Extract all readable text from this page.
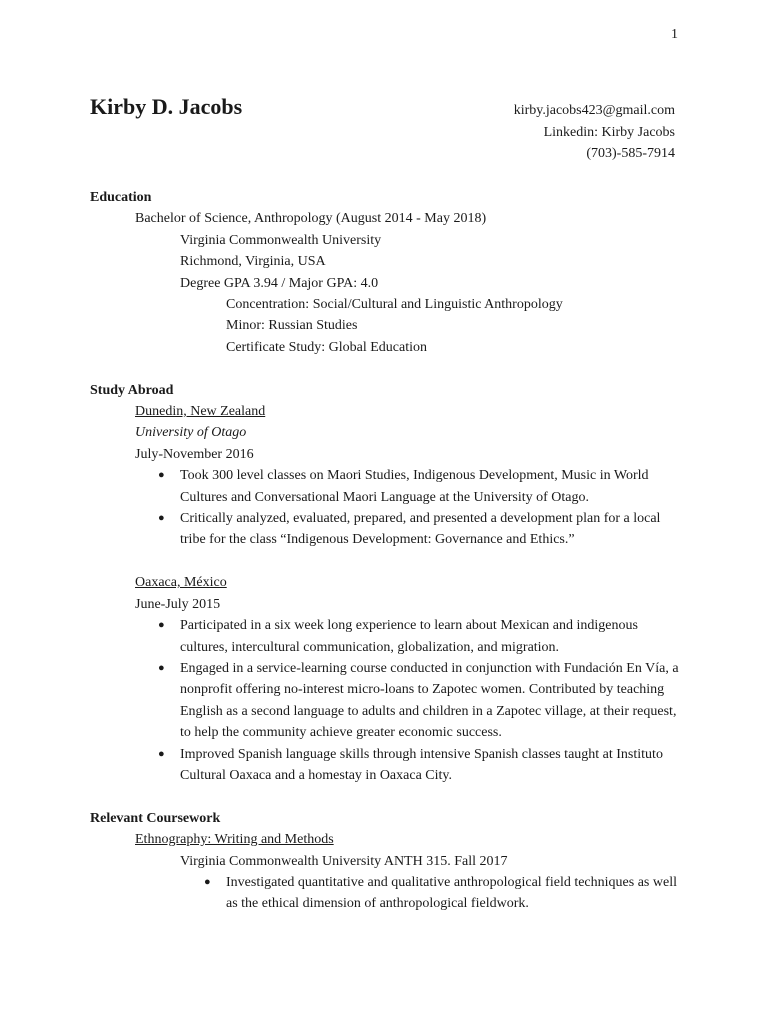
1
Kirby D. Jacobs	kirby.jacobs423@gmail.com
Linkedin: Kirby Jacobs
(703)-585-7914
Education
Bachelor of Science, Anthropology (August 2014 - May 2018)
Virginia Commonwealth University
Richmond, Virginia, USA
Degree GPA 3.94 / Major GPA: 4.0
Concentration: Social/Cultural and Linguistic Anthropology
Minor: Russian Studies
Certificate Study: Global Education
Study Abroad
Dunedin, New Zealand
University of Otago
July-November 2016
● Took 300 level classes on Maori Studies, Indigenous Development, Music in World Cultures and Conversational Maori Language at the University of Otago.
● Critically analyzed, evaluated, prepared, and presented a development plan for a local tribe for the class “Indigenous Development: Governance and Ethics.”
Oaxaca, México
June-July 2015
● Participated in a six week long experience to learn about Mexican and indigenous cultures, intercultural communication, globalization, and migration.
● Engaged in a service-learning course conducted in conjunction with Fundación En Vía, a nonprofit offering no-interest micro-loans to Zapotec women. Contributed by teaching English as a second language to adults and children in a Zapotec village, at their request, to help the community achieve greater economic success.
● Improved Spanish language skills through intensive Spanish classes taught at Instituto Cultural Oaxaca and a homestay in Oaxaca City.
Relevant Coursework
Ethnography: Writing and Methods
Virginia Commonwealth University ANTH 315. Fall 2017
● Investigated quantitative and qualitative anthropological field techniques as well as the ethical dimension of anthropological fieldwork.
